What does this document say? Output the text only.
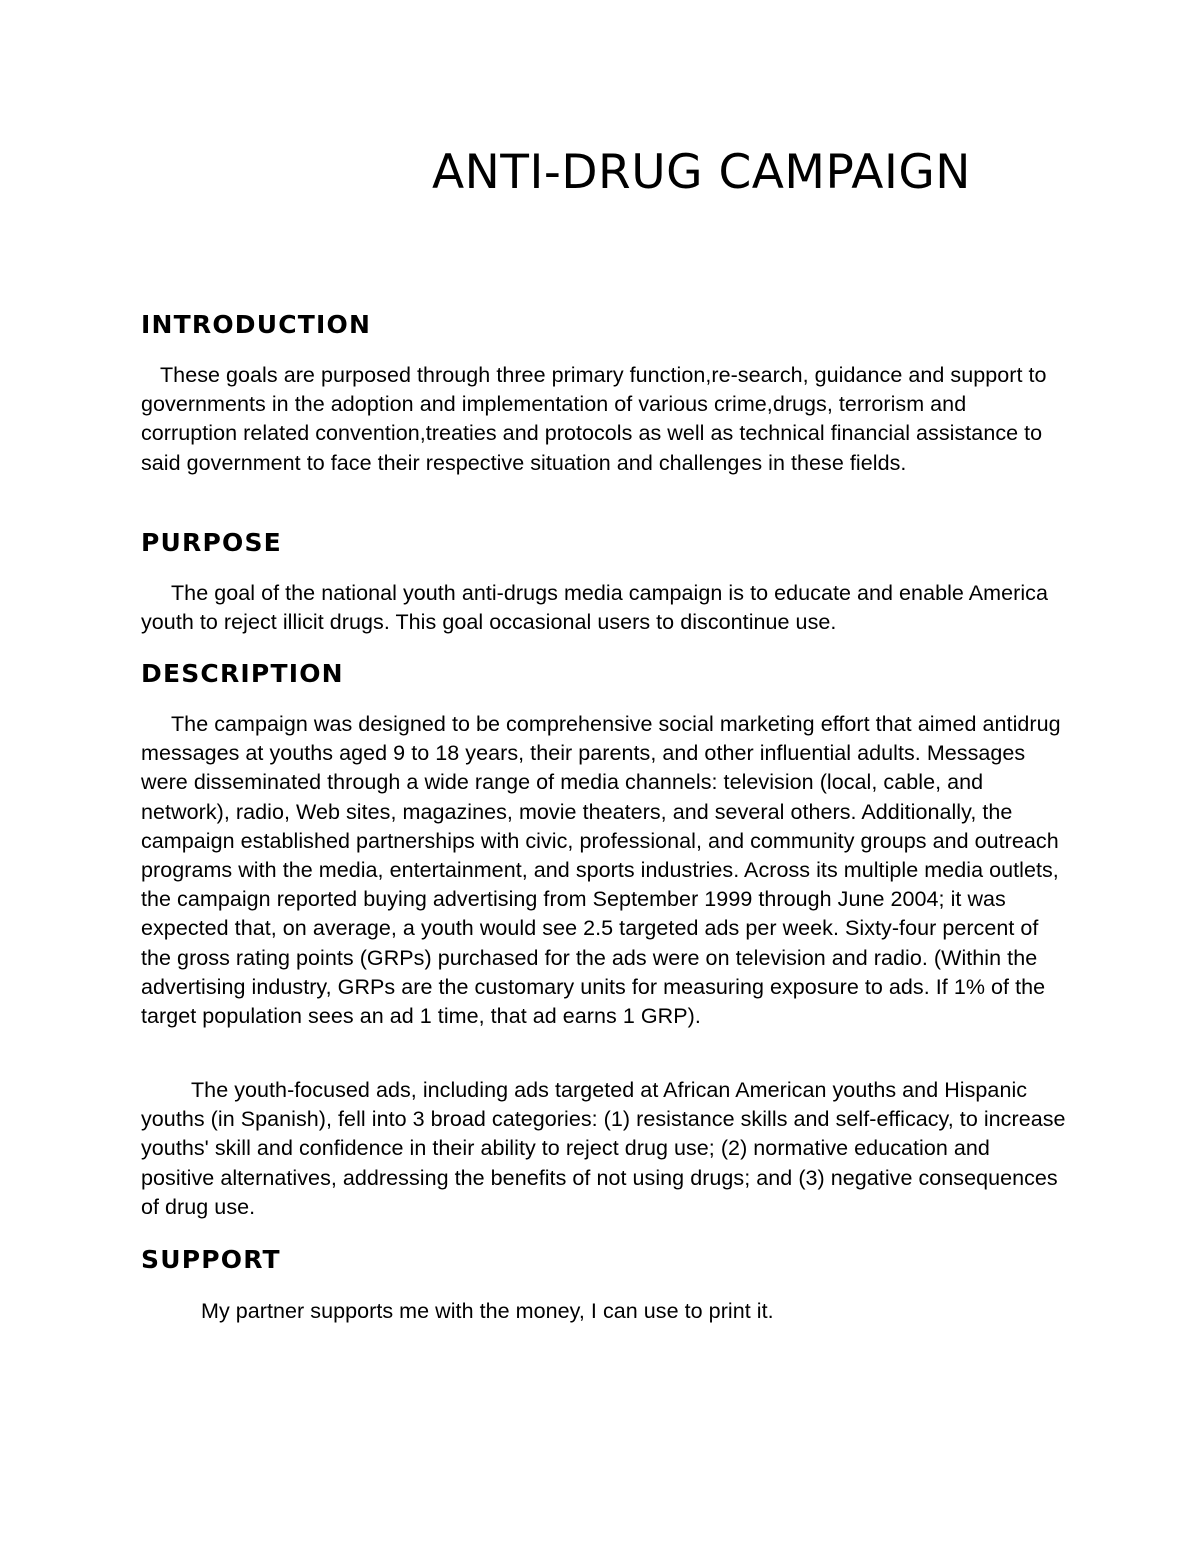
ANTI-DRUG CAMPAIGN
INTRODUCTION

These goals are purposed through three primary function,re-search, guidance and support to governments in the adoption and implementation of various crime,drugs, terrorism and corruption related convention,treaties and protocols as well as technical financial assistance to said government to face their respective situation and challenges in these fields.

PURPOSE

The goal of the national youth anti-drugs media campaign is to educate and enable America youth to reject illicit drugs. This goal occasional users to discontinue use.

DESCRIPTION

The campaign was designed to be comprehensive social marketing effort that aimed antidrug messages at youths aged 9 to 18 years, their parents, and other influential adults. Messages were disseminated through a wide range of media channels: television (local, cable, and network), radio, Web sites, magazines, movie theaters, and several others. Additionally, the campaign established partnerships with civic, professional, and community groups and outreach programs with the media, entertainment, and sports industries. Across its multiple media outlets, the campaign reported buying advertising from September 1999 through June 2004; it was expected that, on average, a youth would see 2.5 targeted ads per week. Sixty-four percent of the gross rating points (GRPs) purchased for the ads were on television and radio. (Within the advertising industry, GRPs are the customary units for measuring exposure to ads. If 1% of the target population sees an ad 1 time, that ad earns 1 GRP).

The youth-focused ads, including ads targeted at African American youths and Hispanic youths (in Spanish), fell into 3 broad categories: (1) resistance skills and self-efficacy, to increase youths' skill and confidence in their ability to reject drug use; (2) normative education and positive alternatives, addressing the benefits of not using drugs; and (3) negative consequences of drug use.

SUPPORT

My partner supports me with the money, I can use to print it.
